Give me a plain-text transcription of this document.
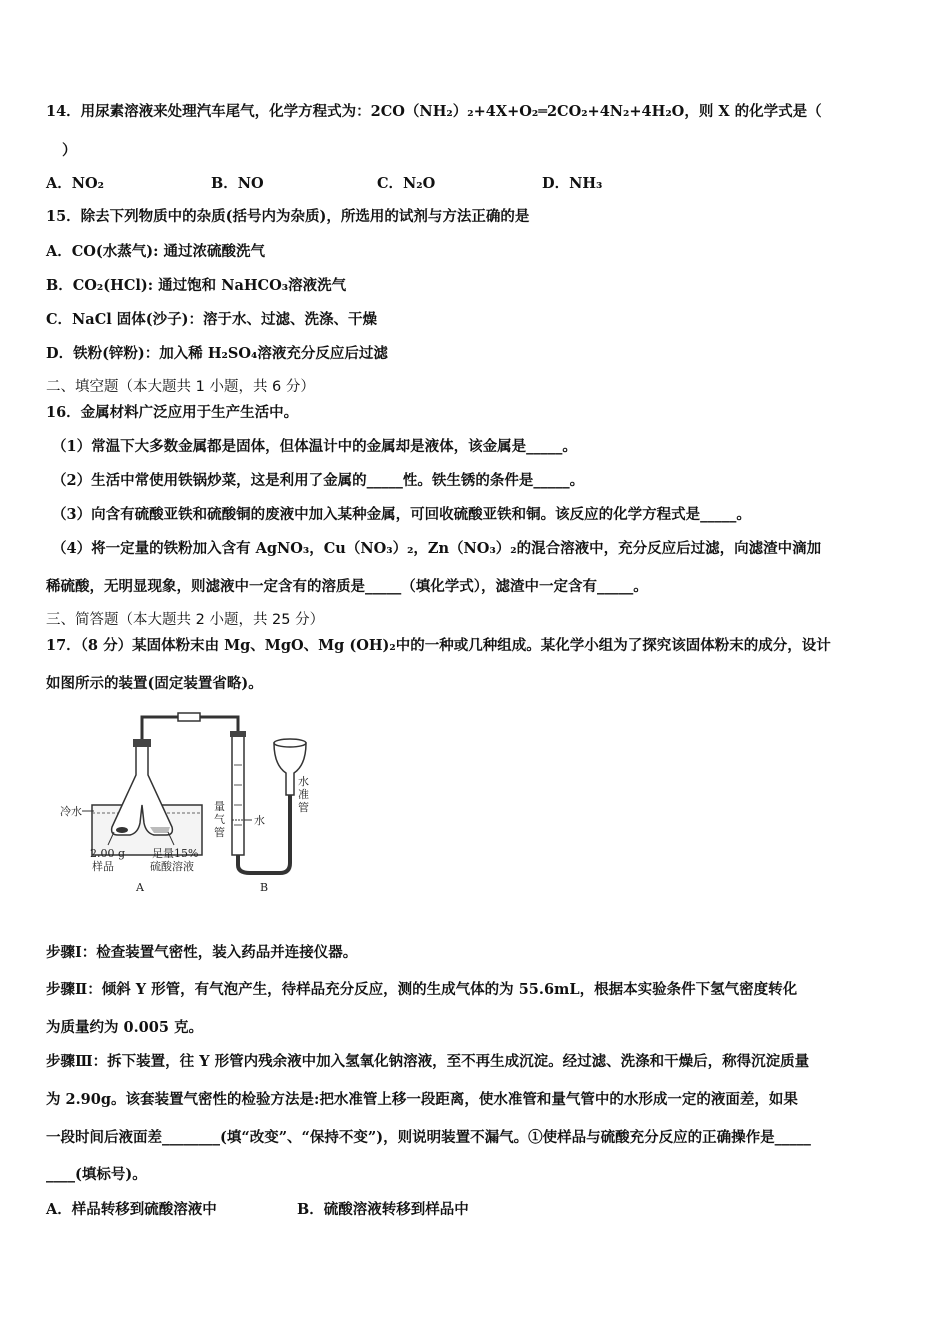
14．用尿素溶液来处理汽车尾气，化学方程式为：2CO（NH₂）₂+4X+O₂═2CO₂+4N₂+4H₂O，则 X 的化学式是（
）
A．NO₂	B．NO	C．N₂O	D．NH₃
15．除去下列物质中的杂质(括号内为杂质)，所选用的试剂与方法正确的是
A．CO(水蒸气): 通过浓硫酸洗气
B．CO₂(HCl): 通过饱和 NaHCO₃溶液洗气
C．NaCl 固体(沙子)：溶于水、过滤、洗涤、干燥
D．铁粉(锌粉)：加入稀 H₂SO₄溶液充分反应后过滤
二、填空题（本大题共 1 小题，共 6 分）
16．金属材料广泛应用于生产生活中。
（1）常温下大多数金属都是固体，但体温计中的金属却是液体，该金属是_____。
（2）生活中常使用铁锅炒菜，这是利用了金属的_____性。铁生锈的条件是_____。
（3）向含有硫酸亚铁和硫酸铜的废液中加入某种金属，可回收硫酸亚铁和铜。该反应的化学方程式是_____。
（4）将一定量的铁粉加入含有 AgNO₃，Cu（NO₃）₂，Zn（NO₃）₂的混合溶液中，充分反应后过滤，向滤渣中滴加
稀硫酸，无明显现象，则滤液中一定含有的溶质是_____（填化学式），滤渣中一定含有_____。
三、简答题（本大题共 2 小题，共 25 分）
17．（8 分）某固体粉末由 Mg、MgO、Mg (OH)₂中的一种或几种组成。某化学小组为了探究该固体粉末的成分，设计
如图所示的装置(固定装置省略)。
冷水
2.00 g
样品
足量15%
硫酸溶液
A
量
气
管
水
水
准
管
B
步骤Ⅰ：检查装置气密性，装入药品并连接仪器。
步骤Ⅱ：倾斜 Y 形管，有气泡产生，待样品充分反应，测的生成气体的为 55.6mL，根据本实验条件下氢气密度转化
为质量约为 0.005 克。
步骤Ⅲ：拆下装置，往 Y 形管内残余液中加入氢氧化钠溶液，至不再生成沉淀。经过滤、洗涤和干燥后，称得沉淀质量
为 2.90g。该套装置气密性的检验方法是:把水准管上移一段距离，使水准管和量气管中的水形成一定的液面差，如果
一段时间后液面差________(填“改变”、“保持不变”)，则说明装置不漏气。①使样品与硫酸充分反应的正确操作是_____
____(填标号)。
A．样品转移到硫酸溶液中	B．硫酸溶液转移到样品中
